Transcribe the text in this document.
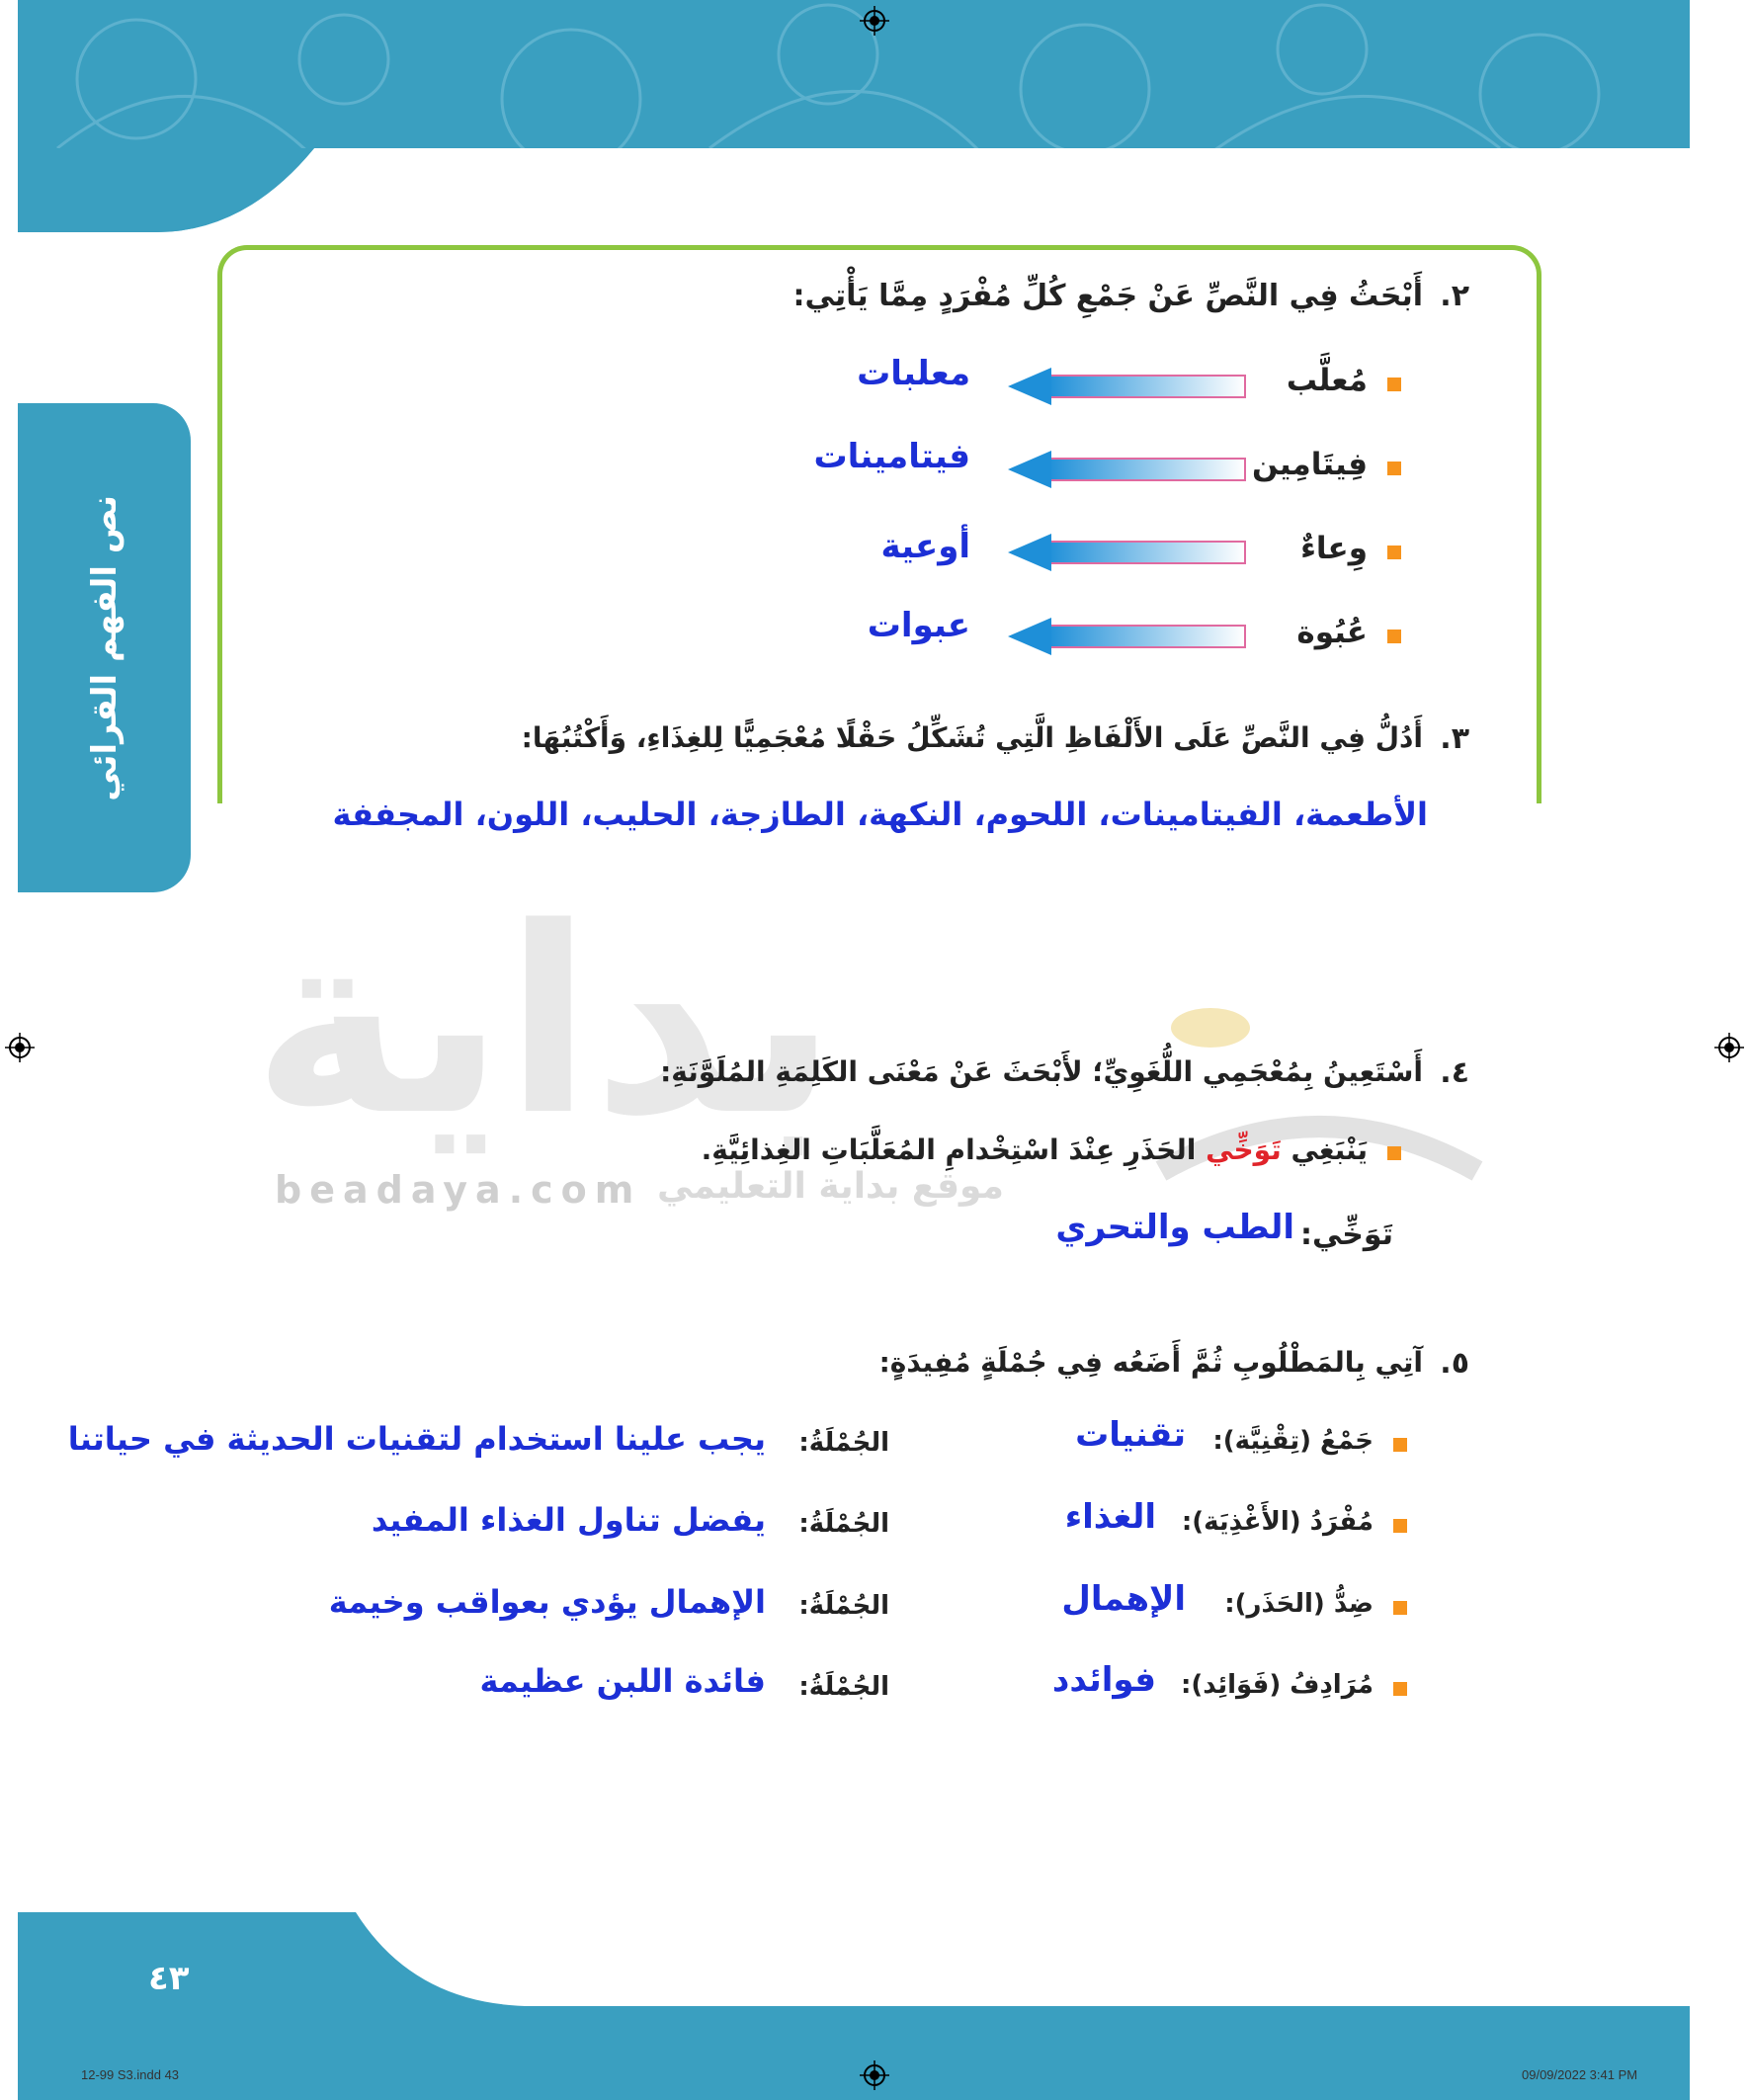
نص الفهم القرائي
٢.
أَبْحَثُ فِي النَّصِّ عَنْ جَمْعِ كُلِّ مُفْرَدٍ مِمَّا يَأْتِي:
مُعلَّب
معلبات
فِيتَامِين
فيتامينات
وِعاءٌ
أوعية
عُبُوة
عبوات
٣.
أَدُلُّ فِي النَّصِّ عَلَى الأَلْفَاظِ الَّتِي تُشَكِّلُ حَقْلًا مُعْجَمِيًّا لِلغِذَاءِ، وَأَكْتُبُهَا:
الأطعمة، الفيتامينات، اللحوم، النكهة، الطازجة، الحليب، اللون، المجففة
بداية
beadaya.com موقع بداية التعليمي
٤.
أَسْتَعِينُ بِمُعْجَمِي اللُّغَوِيِّ؛ لأَبْحَثَ عَنْ مَعْنَى الكَلِمَةِ المُلَوَّنَةِ:
يَنْبَغِي تَوَخِّي الحَذَرِ عِنْدَ اسْتِخْدامِ المُعَلَّبَاتِ الغِذائِيَّةِ.
تَوَخِّي:
الطب والتحري
٥.
آتِي بِالمَطْلُوبِ ثُمَّ أَضَعُه فِي جُمْلَةٍ مُفِيدَةٍ:
جَمْعُ (تِقْنِيَّة):
تقنيات
الجُمْلَةُ:
يجب علينا استخدام لتقنيات الحديثة في حياتنا
مُفْرَدُ (الأَغْذِيَة):
الغذاء
الجُمْلَةُ:
يفضل تناول الغذاء المفيد
ضِدُّ (الحَذَر):
الإهمال
الجُمْلَةُ:
الإهمال يؤدي بعواقب وخيمة
مُرَادِفُ (فَوَائِد):
فوائدد
الجُمْلَةُ:
فائدة اللبن عظيمة
٤٣
12-99 S3.indd 43	09/09/2022 3:41 PM
